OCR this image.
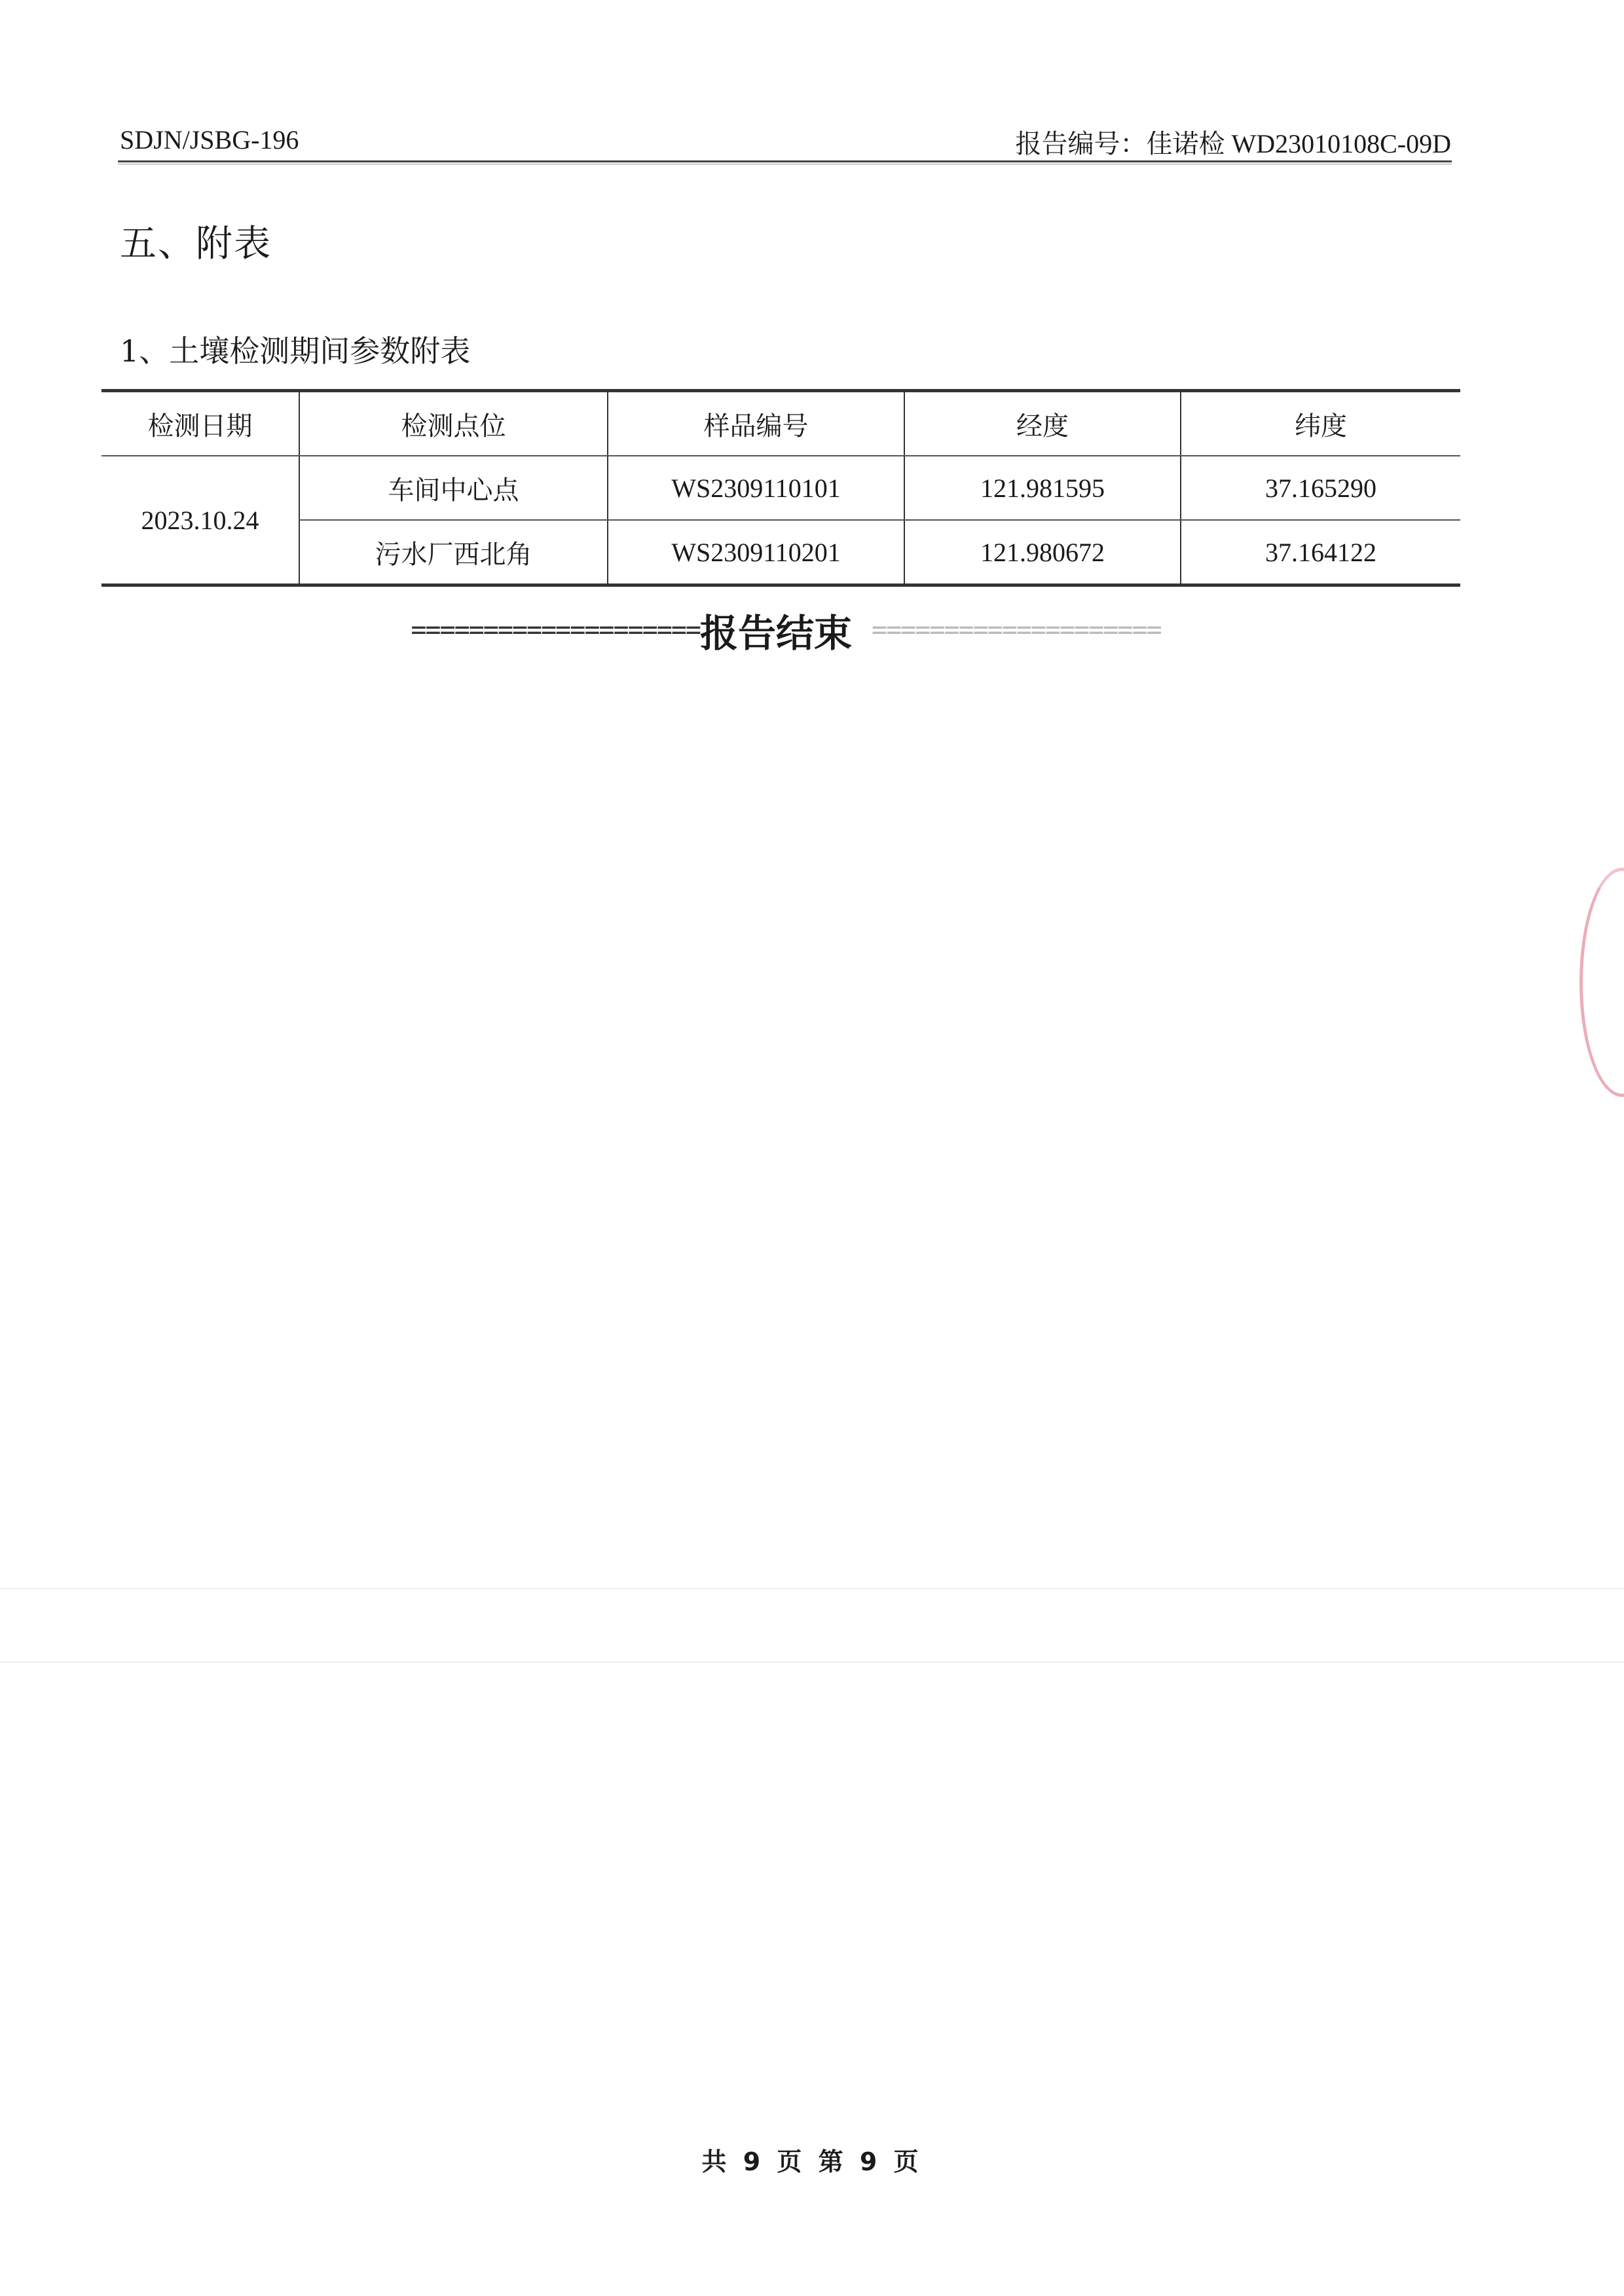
SDJN/JSBG-196	报告编号：佳诺检 WD23010108C-09D
五、附表
1、土壤检测期间参数附表
检测日期	检测点位	样品编号	经度	纬度
2023.10.24	车间中心点	WS2309110101	121.981595	37.165290
	污水厂西北角	WS2309110201	121.980672	37.164122
==================== 报告结束 ====================
共 9 页 第 9 页
